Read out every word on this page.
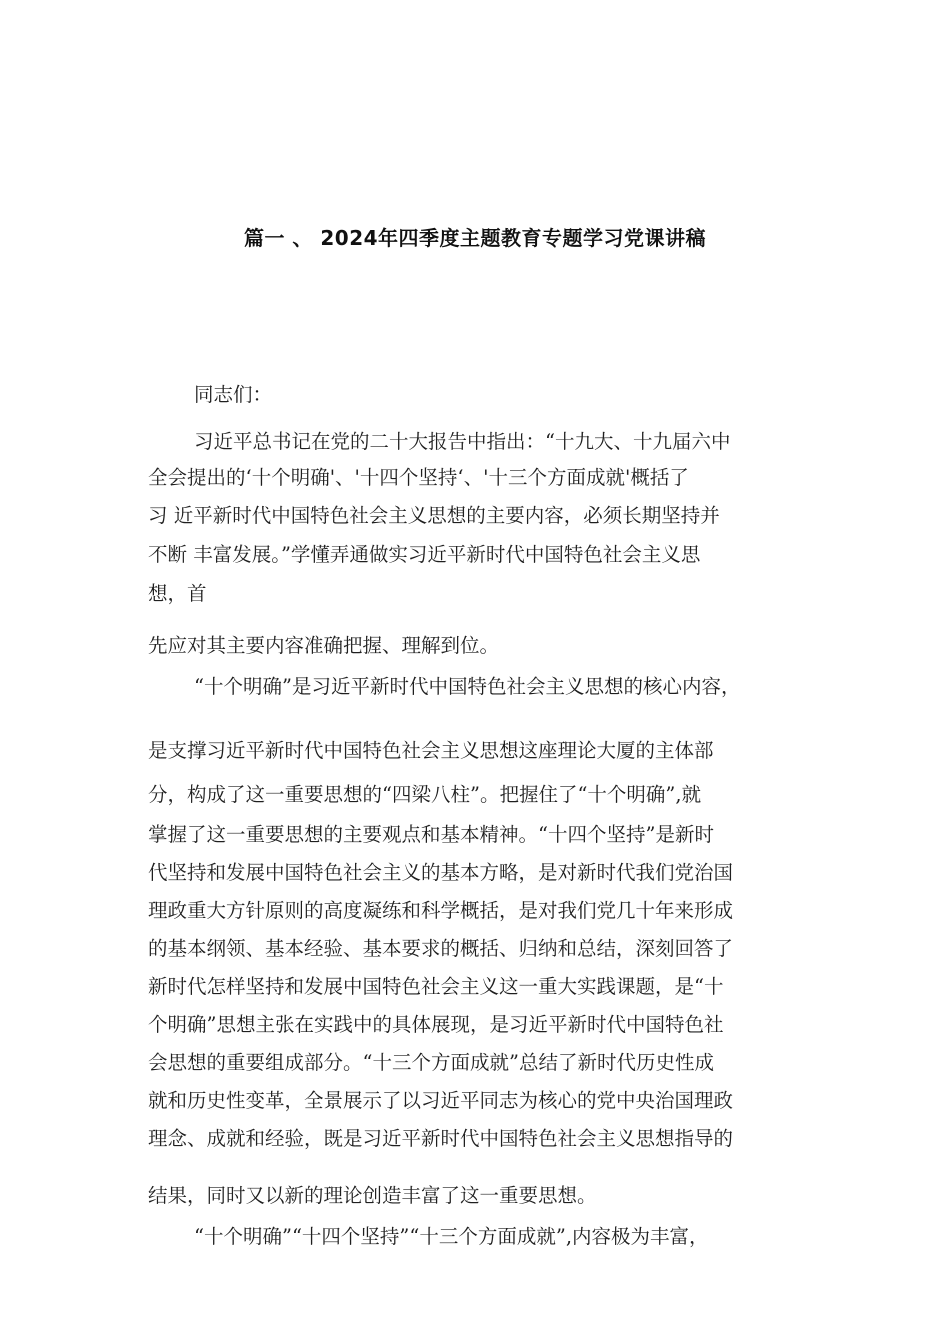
篇一 、 2024年四季度主题教育专题学习党课讲稿
同志们：
习近平总书记在党的二十大报告中指出：“十九大、十九届六中
全会提出的‘十个明确'、'十四个坚持‘、'十三个方面成就'概括了
习 近平新时代中国特色社会主义思想的主要内容，必须长期坚持并
不断 丰富发展。”学懂弄通做实习近平新时代中国特色社会主义思
想，首
先应对其主要内容准确把握、理解到位。
“十个明确”是习近平新时代中国特色社会主义思想的核心内容，
是支撑习近平新时代中国特色社会主义思想这座理论大厦的主体部
分，构成了这一重要思想的“四梁八柱”。把握住了“十个明确”,就
掌握了这一重要思想的主要观点和基本精神。“十四个坚持”是新时
代坚持和发展中国特色社会主义的基本方略，是对新时代我们党治国
理政重大方针原则的高度凝练和科学概括，是对我们党几十年来形成
的基本纲领、基本经验、基本要求的概括、归纳和总结，深刻回答了
新时代怎样坚持和发展中国特色社会主义这一重大实践课题，是“十
个明确”思想主张在实践中的具体展现，是习近平新时代中国特色社
会思想的重要组成部分。“十三个方面成就”总结了新时代历史性成
就和历史性变革，全景展示了以习近平同志为核心的党中央治国理政
理念、成就和经验，既是习近平新时代中国特色社会主义思想指导的
结果，同时又以新的理论创造丰富了这一重要思想。
“十个明确”“十四个坚持”“十三个方面成就”,内容极为丰富，
